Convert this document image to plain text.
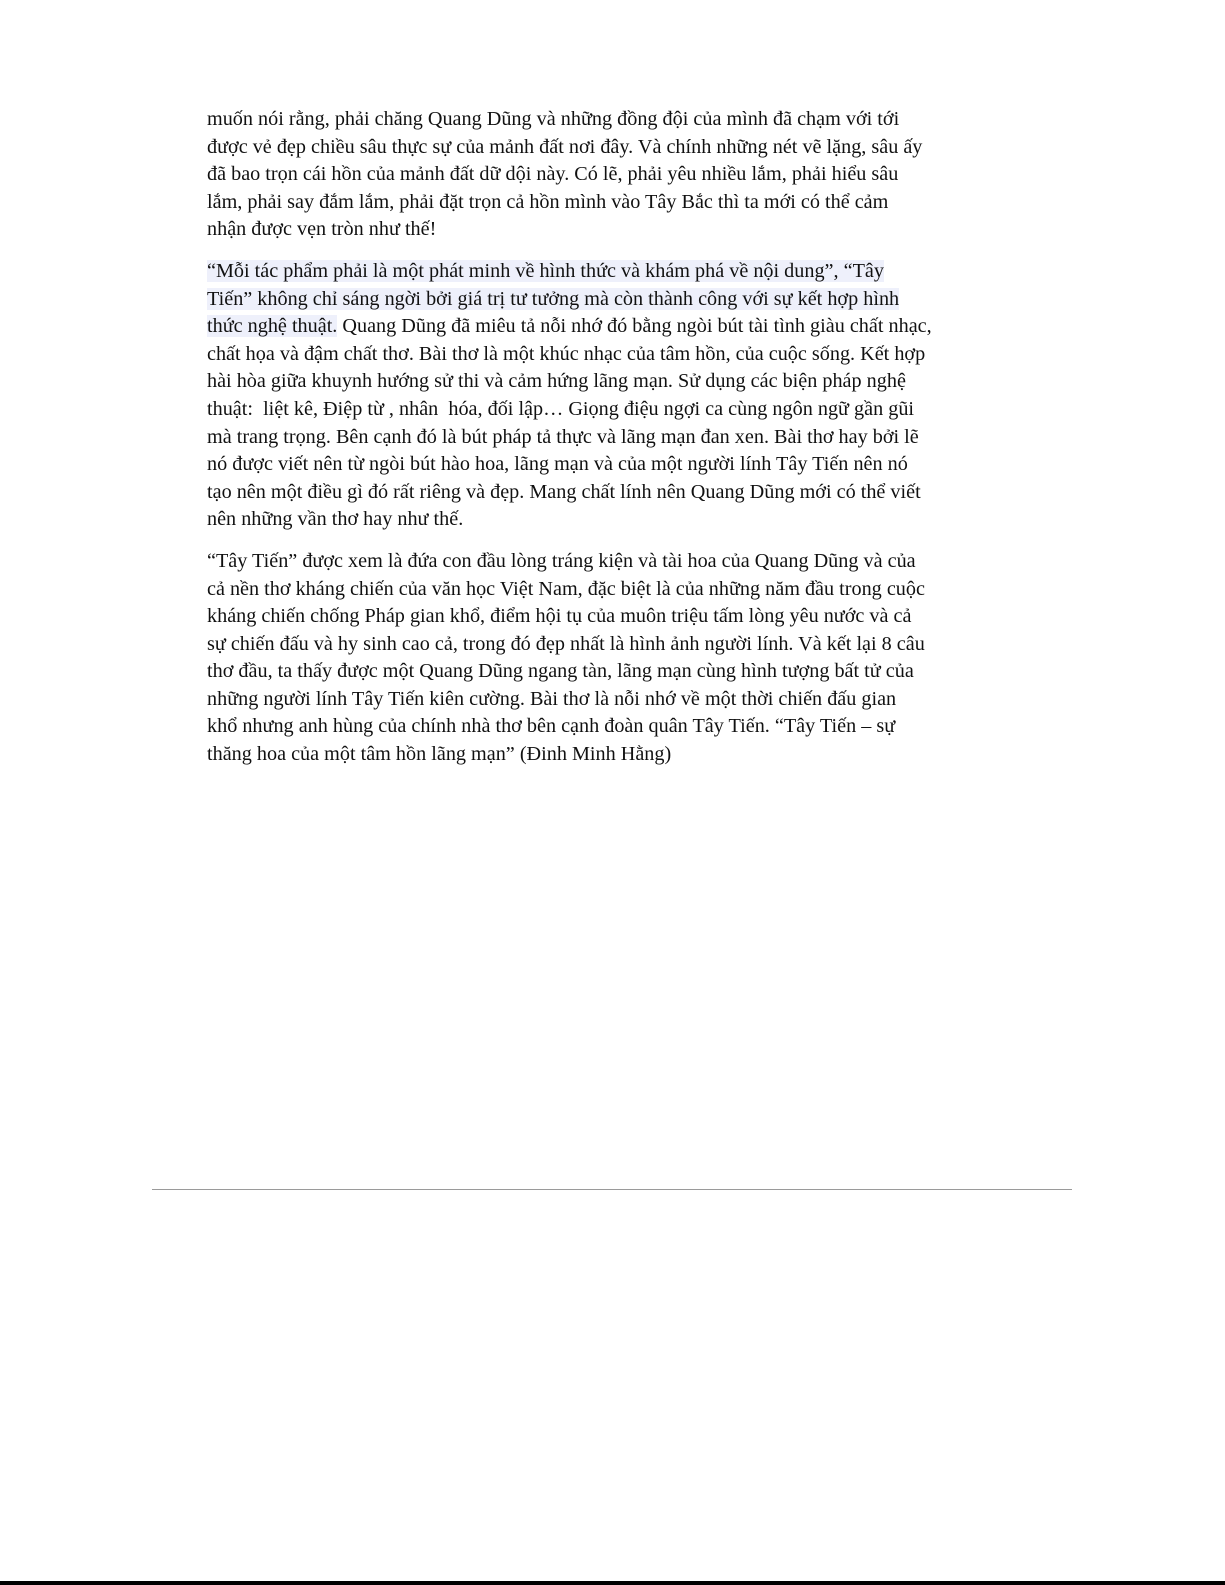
muốn nói rằng, phải chăng Quang Dũng và những đồng đội của mình đã chạm với tới
được vẻ đẹp chiều sâu thực sự của mảnh đất nơi đây. Và chính những nét vẽ lặng, sâu ấy
đã bao trọn cái hồn của mảnh đất dữ dội này. Có lẽ, phải yêu nhiều lắm, phải hiểu sâu
lắm, phải say đắm lắm, phải đặt trọn cả hồn mình vào Tây Bắc thì ta mới có thể cảm
nhận được vẹn tròn như thế!

“Mỗi tác phẩm phải là một phát minh về hình thức và khám phá về nội dung”, “Tây
Tiến” không chỉ sáng ngời bởi giá trị tư tưởng mà còn thành công với sự kết hợp hình
thức nghệ thuật. Quang Dũng đã miêu tả nỗi nhớ đó bằng ngòi bút tài tình giàu chất nhạc,
chất họa và đậm chất thơ. Bài thơ là một khúc nhạc của tâm hồn, của cuộc sống. Kết hợp
hài hòa giữa khuynh hướng sử thi và cảm hứng lãng mạn. Sử dụng các biện pháp nghệ
thuật:  liệt kê, Điệp từ , nhân  hóa, đối lập… Giọng điệu ngợi ca cùng ngôn ngữ gần gũi
mà trang trọng. Bên cạnh đó là bút pháp tả thực và lãng mạn đan xen. Bài thơ hay bởi lẽ
nó được viết nên từ ngòi bút hào hoa, lãng mạn và của một người lính Tây Tiến nên nó
tạo nên một điều gì đó rất riêng và đẹp. Mang chất lính nên Quang Dũng mới có thể viết
nên những vần thơ hay như thế.

“Tây Tiến” được xem là đứa con đầu lòng tráng kiện và tài hoa của Quang Dũng và của
cả nền thơ kháng chiến của văn học Việt Nam, đặc biệt là của những năm đầu trong cuộc
kháng chiến chống Pháp gian khổ, điểm hội tụ của muôn triệu tấm lòng yêu nước và cả
sự chiến đấu và hy sinh cao cả, trong đó đẹp nhất là hình ảnh người lính. Và kết lại 8 câu
thơ đầu, ta thấy được một Quang Dũng ngang tàn, lãng mạn cùng hình tượng bất tử của
những người lính Tây Tiến kiên cường. Bài thơ là nỗi nhớ về một thời chiến đấu gian
khổ nhưng anh hùng của chính nhà thơ bên cạnh đoàn quân Tây Tiến. “Tây Tiến – sự
thăng hoa của một tâm hồn lãng mạn” (Đinh Minh Hằng)
